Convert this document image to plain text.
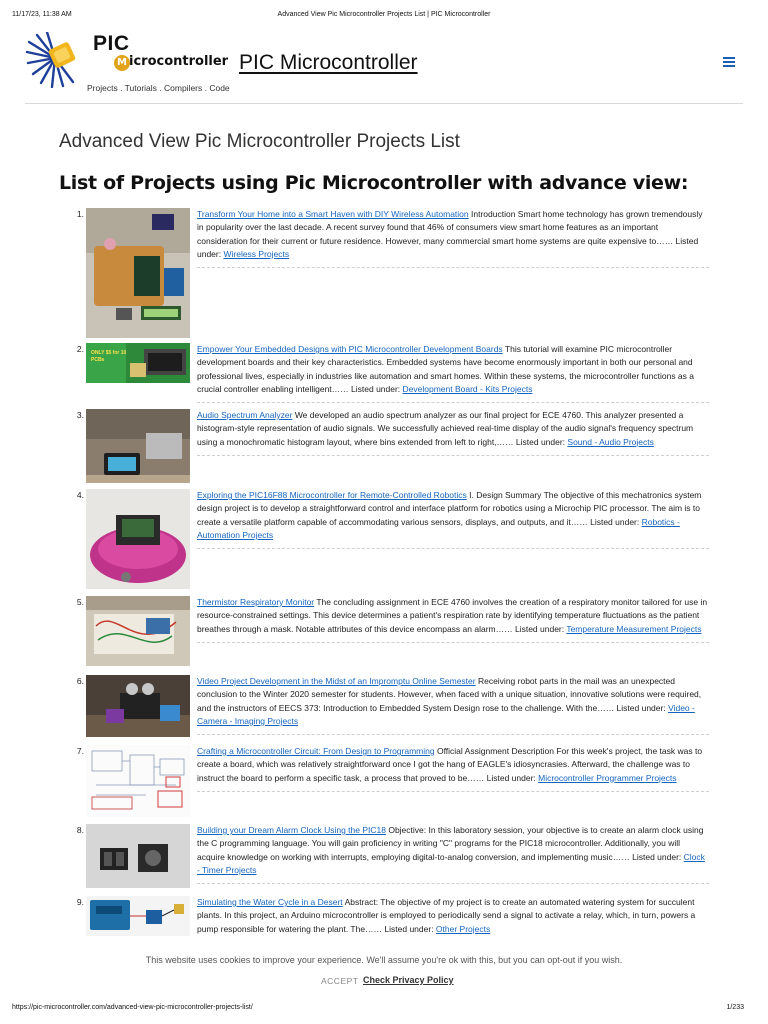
11/17/23, 11:38 AM	Advanced View Pic Microcontroller Projects List | PIC Microcontroller
PIC
M icrocontroller
Projects . Tutorials . Compilers . Code
PIC Microcontroller
Advanced View Pic Microcontroller Projects List
List of Projects using Pic Microcontroller with advance view:
1.	Transform Your Home into a Smart Haven with DIY Wireless Automation Introduction Smart home technology has grown tremendously in popularity over the last decade. A recent survey found that 46% of consumers view smart home features as an important consideration for their current or future residence. However, many commercial smart home systems are quite expensive to…… Listed under: Wireless Projects
2. ONLY $5 for 10 PCBs
Empower Your Embedded Designs with PIC Microcontroller Development Boards This tutorial will examine PIC microcontroller development boards and their key characteristics. Embedded systems have become enormously important in both our personal and professional lives, especially in industries like automation and smart homes. Within these systems, the microcontroller functions as a crucial controller enabling intelligent…… Listed under: Development Board - Kits Projects
3.	Audio Spectrum Analyzer We developed an audio spectrum analyzer as our final project for ECE 4760. This analyzer presented a histogram-style representation of audio signals. We successfully achieved real-time display of the audio signal's frequency spectrum using a monochromatic histogram layout, where bins extended from left to right,…… Listed under: Sound - Audio Projects
4.	Exploring the PIC16F88 Microcontroller for Remote-Controlled Robotics I. Design Summary The objective of this mechatronics system design project is to develop a straightforward control and interface platform for robotics using a Microchip PIC processor. The aim is to create a versatile platform capable of accommodating various sensors, displays, and outputs, and it…… Listed under: Robotics - Automation Projects
5.	Thermistor Respiratory Monitor The concluding assignment in ECE 4760 involves the creation of a respiratory monitor tailored for use in resource-constrained settings. This device determines a patient's respiration rate by identifying temperature fluctuations as the patient breathes through a mask. Notable attributes of this device encompass an alarm…… Listed under: Temperature Measurement Projects
6.	Video Project Development in the Midst of an Impromptu Online Semester Receiving robot parts in the mail was an unexpected conclusion to the Winter 2020 semester for students. However, when faced with a unique situation, innovative solutions were required, and the instructors of EECS 373: Introduction to Embedded System Design rose to the challenge. With the…… Listed under: Video - Camera - Imaging Projects
7.	Crafting a Microcontroller Circuit: From Design to Programming Official Assignment Description For this week's project, the task was to create a board, which was relatively straightforward once I got the hang of EAGLE's idiosyncrasies. Afterward, the challenge was to instruct the board to perform a specific task, a process that proved to be…… Listed under: Microcontroller Programmer Projects
8.	Building your Dream Alarm Clock Using the PIC18 Objective: In this laboratory session, your objective is to create an alarm clock using the C programming language. You will gain proficiency in writing "C" programs for the PIC18 microcontroller. Additionally, you will acquire knowledge on working with interrupts, employing digital-to-analog conversion, and implementing music…… Listed under: Clock - Timer Projects
9.	Simulating the Water Cycle in a Desert Abstract: The objective of my project is to create an automated watering system for succulent plants. In this project, an Arduino microcontroller is employed to periodically send a signal to activate a relay, which, in turn, powers a pump responsible for watering the plant. The…… Listed under: Other Projects
This website uses cookies to improve your experience. We'll assume you're ok with this, but you can opt-out if you wish.
ACCEPT Check Privacy Policy
https://pic-microcontroller.com/advanced-view-pic-microcontroller-projects-list/	1/233
